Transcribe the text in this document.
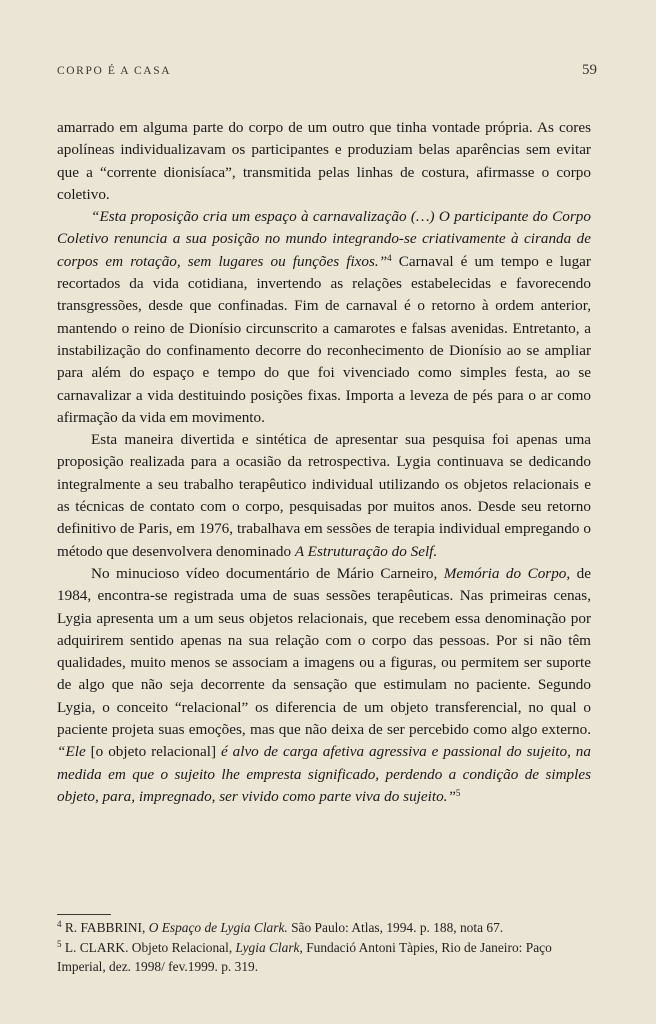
CORPO É A CASA	59

amarrado em alguma parte do corpo de um outro que tinha vontade própria. As cores apolíneas individualizavam os participantes e produziam belas aparências sem evitar que a “corrente dionisíaca”, transmitida pelas linhas de costura, afirmasse o corpo coletivo.

“Esta proposição cria um espaço à carnavalização (…) O participante do Corpo Coletivo renuncia a sua posição no mundo integrando-se criativamente à ciranda de corpos em rotação, sem lugares ou funções fixos.”$^4$ Carnaval é um tempo e lugar recortados da vida cotidiana, invertendo as relações estabelecidas e favorecendo transgressões, desde que confinadas. Fim de carnaval é o retorno à ordem anterior, mantendo o reino de Dionísio circunscrito a camarotes e falsas avenidas. Entretanto, a instabilização do confinamento decorre do reconhecimento de Dionísio ao se ampliar para além do espaço e tempo do que foi vivenciado como simples festa, ao se carnavalizar a vida destituindo posições fixas. Importa a leveza de pés para o ar como afirmação da vida em movimento.

Esta maneira divertida e sintética de apresentar sua pesquisa foi apenas uma proposição realizada para a ocasião da retrospectiva. Lygia continuava se dedicando integralmente a seu trabalho terapêutico individual utilizando os objetos relacionais e as técnicas de contato com o corpo, pesquisadas por muitos anos. Desde seu retorno definitivo de Paris, em 1976, trabalhava em sessões de terapia individual empregando o método que desenvolvera denominado A Estruturação do Self.

No minucioso vídeo documentário de Mário Carneiro, Memória do Corpo, de 1984, encontra-se registrada uma de suas sessões terapêuticas. Nas primeiras cenas, Lygia apresenta um a um seus objetos relacionais, que recebem essa denominação por adquirirem sentido apenas na sua relação com o corpo das pessoas. Por si não têm qualidades, muito menos se associam a imagens ou a figuras, ou permitem ser suporte de algo que não seja decorrente da sensação que estimulam no paciente. Segundo Lygia, o conceito “relacional” os diferencia de um objeto transferencial, no qual o paciente projeta suas emoções, mas que não deixa de ser percebido como algo externo. “Ele [o objeto relacional] é alvo de carga afetiva agressiva e passional do sujeito, na medida em que o sujeito lhe empresta significado, perdendo a condição de simples objeto, para, impregnado, ser vivido como parte viva do sujeito.”$^5$

$^4$ R. FABBRINI, O Espaço de Lygia Clark. São Paulo: Atlas, 1994. p. 188, nota 67.

$^5$ L. CLARK. Objeto Relacional, Lygia Clark, Fundació Antoni Tàpies, Rio de Janeiro: Paço Imperial, dez. 1998/ fev.1999. p. 319.
